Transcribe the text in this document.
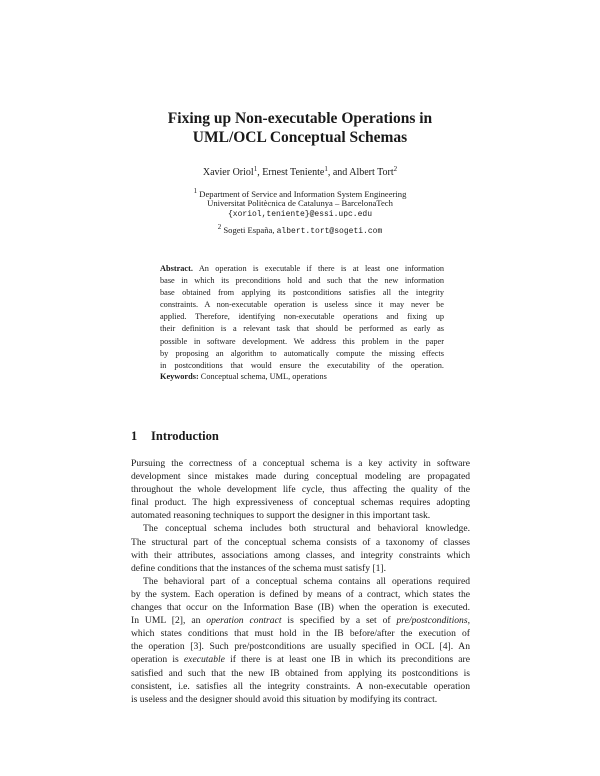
Fixing up Non-executable Operations in
UML/OCL Conceptual Schemas
Xavier Oriol$^1$, Ernest Teniente$^1$, and Albert Tort$^2$
$^1$ Department of Service and Information System Engineering
Universitat Politècnica de Catalunya – BarcelonaTech
{xoriol,teniente}@essi.upc.edu
$^2$ Sogeti España, albert.tort@sogeti.com
Abstract. An operation is executable if there is at least one information
base in which its preconditions hold and such that the new information
base obtained from applying its postconditions satisfies all the integrity
constraints. A non-executable operation is useless since it may never be
applied. Therefore, identifying non-executable operations and fixing up
their definition is a relevant task that should be performed as early as
possible in software development. We address this problem in the paper
by proposing an algorithm to automatically compute the missing effects
in postconditions that would ensure the executability of the operation.
Keywords: Conceptual schema, UML, operations
1 Introduction
Pursuing the correctness of a conceptual schema is a key activity in software
development since mistakes made during conceptual modeling are propagated
throughout the whole development life cycle, thus affecting the quality of the
final product. The high expressiveness of conceptual schemas requires adopting
automated reasoning techniques to support the designer in this important task.
The conceptual schema includes both structural and behavioral knowledge.
The structural part of the conceptual schema consists of a taxonomy of classes
with their attributes, associations among classes, and integrity constraints which
define conditions that the instances of the schema must satisfy [1].
The behavioral part of a conceptual schema contains all operations required
by the system. Each operation is defined by means of a contract, which states the
changes that occur on the Information Base (IB) when the operation is executed.
In UML [2], an operation contract is specified by a set of pre/postconditions,
which states conditions that must hold in the IB before/after the execution of
the operation [3]. Such pre/postconditions are usually specified in OCL [4]. An
operation is executable if there is at least one IB in which its preconditions are
satisfied and such that the new IB obtained from applying its postconditions is
consistent, i.e. satisfies all the integrity constraints. A non-executable operation
is useless and the designer should avoid this situation by modifying its contract.
